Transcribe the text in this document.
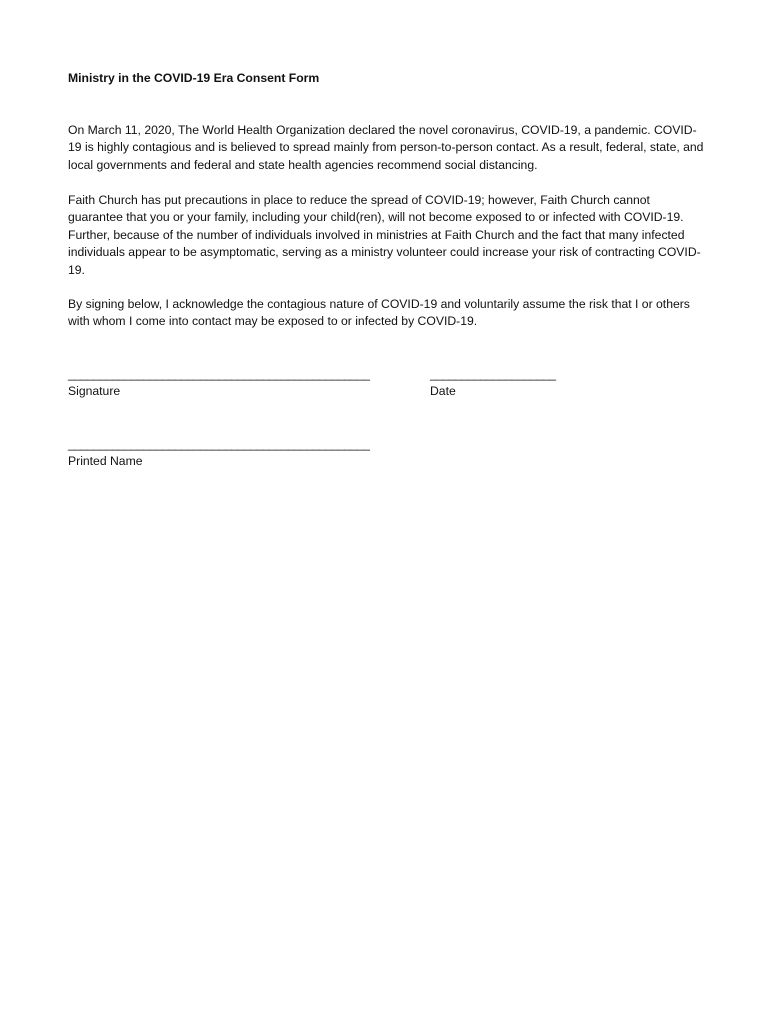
Ministry in the COVID-19 Era Consent Form

On March 11, 2020, The World Health Organization declared the novel coronavirus, COVID-19, a pandemic. COVID-19 is highly contagious and is believed to spread mainly from person-to-person contact. As a result, federal, state, and local governments and federal and state health agencies recommend social distancing.

Faith Church has put precautions in place to reduce the spread of COVID-19; however, Faith Church cannot guarantee that you or your family, including your child(ren), will not become exposed to or infected with COVID-19. Further, because of the number of individuals involved in ministries at Faith Church and the fact that many infected individuals appear to be asymptomatic, serving as a ministry volunteer could increase your risk of contracting COVID-19.

By signing below, I acknowledge the contagious nature of COVID-19 and voluntarily assume the risk that I or others with whom I come into contact may be exposed to or infected by COVID-19.

________________________________________________
Signature
____________________
Date
________________________________________________
Printed Name
